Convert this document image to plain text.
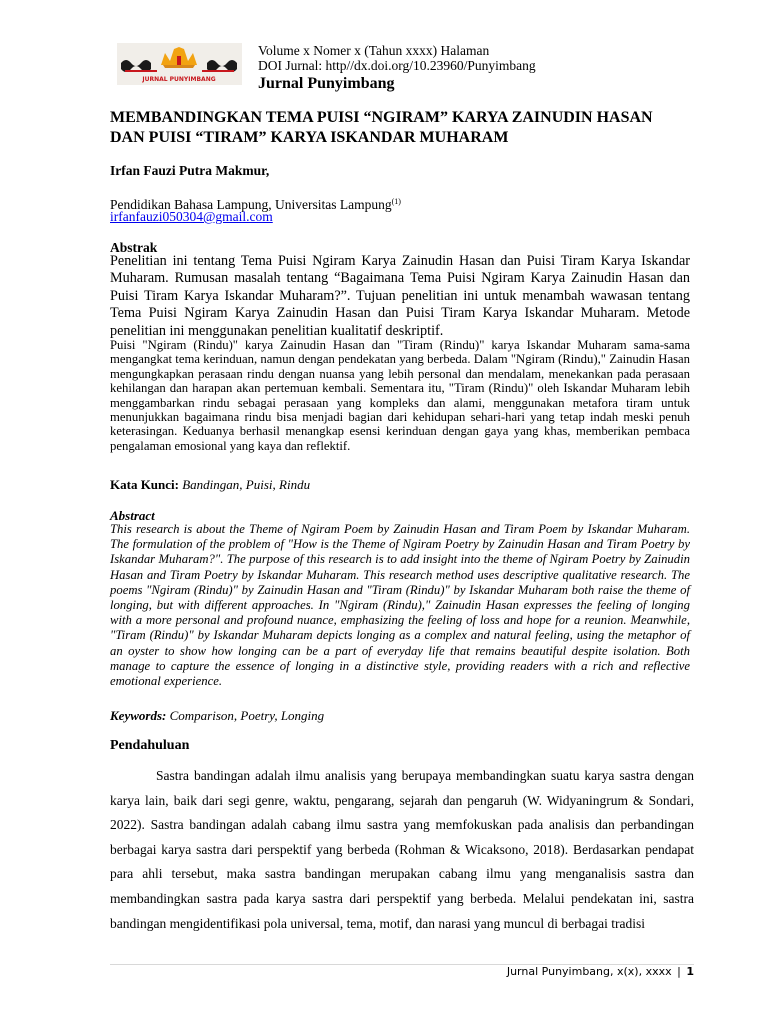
JURNAL PUNYIMBANG
Volume x Nomer x (Tahun xxxx) Halaman
DOI Jurnal: http//dx.doi.org/10.23960/Punyimbang
Jurnal Punyimbang
MEMBANDINGKAN TEMA PUISI “NGIRAM” KARYA ZAINUDIN HASAN DAN PUISI “TIRAM” KARYA ISKANDAR MUHARAM
Irfan Fauzi Putra Makmur,
Pendidikan Bahasa Lampung, Universitas Lampung$^{(1)}$
irfanfauzi050304@gmail.com
Abstrak

Penelitian ini tentang Tema Puisi Ngiram Karya Zainudin Hasan dan Puisi Tiram Karya Iskandar Muharam. Rumusan masalah tentang “Bagaimana Tema Puisi Ngiram Karya Zainudin Hasan dan Puisi Tiram Karya Iskandar Muharam?”. Tujuan penelitian ini untuk menambah wawasan tentang Tema Puisi Ngiram Karya Zainudin Hasan dan Puisi Tiram Karya Iskandar Muharam. Metode penelitian ini menggunakan penelitian kualitatif deskriptif.

Puisi "Ngiram (Rindu)" karya Zainudin Hasan dan "Tiram (Rindu)" karya Iskandar Muharam sama-sama mengangkat tema kerinduan, namun dengan pendekatan yang berbeda. Dalam "Ngiram (Rindu)," Zainudin Hasan mengungkapkan perasaan rindu dengan nuansa yang lebih personal dan mendalam, menekankan pada perasaan kehilangan dan harapan akan pertemuan kembali. Sementara itu, "Tiram (Rindu)" oleh Iskandar Muharam lebih menggambarkan rindu sebagai perasaan yang kompleks dan alami, menggunakan metafora tiram untuk menunjukkan bagaimana rindu bisa menjadi bagian dari kehidupan sehari-hari yang tetap indah meski penuh keterasingan. Keduanya berhasil menangkap esensi kerinduan dengan gaya yang khas, memberikan pembaca pengalaman emosional yang kaya dan reflektif.

Kata Kunci: Bandingan, Puisi, Rindu
Abstract

This research is about the Theme of Ngiram Poem by Zainudin Hasan and Tiram Poem by Iskandar Muharam. The formulation of the problem of "How is the Theme of Ngiram Poetry by Zainudin Hasan and Tiram Poetry by Iskandar Muharam?". The purpose of this research is to add insight into the theme of Ngiram Poetry by Zainudin Hasan and Tiram Poetry by Iskandar Muharam. This research method uses descriptive qualitative research. The poems "Ngiram (Rindu)" by Zainudin Hasan and "Tiram (Rindu)" by Iskandar Muharam both raise the theme of longing, but with different approaches. In "Ngiram (Rindu)," Zainudin Hasan expresses the feeling of longing with a more personal and profound nuance, emphasizing the feeling of loss and hope for a reunion. Meanwhile, "Tiram (Rindu)" by Iskandar Muharam depicts longing as a complex and natural feeling, using the metaphor of an oyster to show how longing can be a part of everyday life that remains beautiful despite isolation. Both manage to capture the essence of longing in a distinctive style, providing readers with a rich and reflective emotional experience.

Keywords: Comparison, Poetry, Longing
Pendahuluan

Sastra bandingan adalah ilmu analisis yang berupaya membandingkan suatu karya sastra dengan karya lain, baik dari segi genre, waktu, pengarang, sejarah dan pengaruh (W. Widyaningrum & Sondari, 2022). Sastra bandingan adalah cabang ilmu sastra yang memfokuskan pada analisis dan perbandingan berbagai karya sastra dari perspektif yang berbeda (Rohman & Wicaksono, 2018). Berdasarkan pendapat para ahli tersebut, maka sastra bandingan merupakan cabang ilmu yang menganalisis sastra dan membandingkan sastra pada karya sastra dari perspektif yang berbeda. Melalui pendekatan ini, sastra bandingan mengidentifikasi pola universal, tema, motif, dan narasi yang muncul di berbagai tradisi

Jurnal Punyimbang, x(x), xxxx | 1
